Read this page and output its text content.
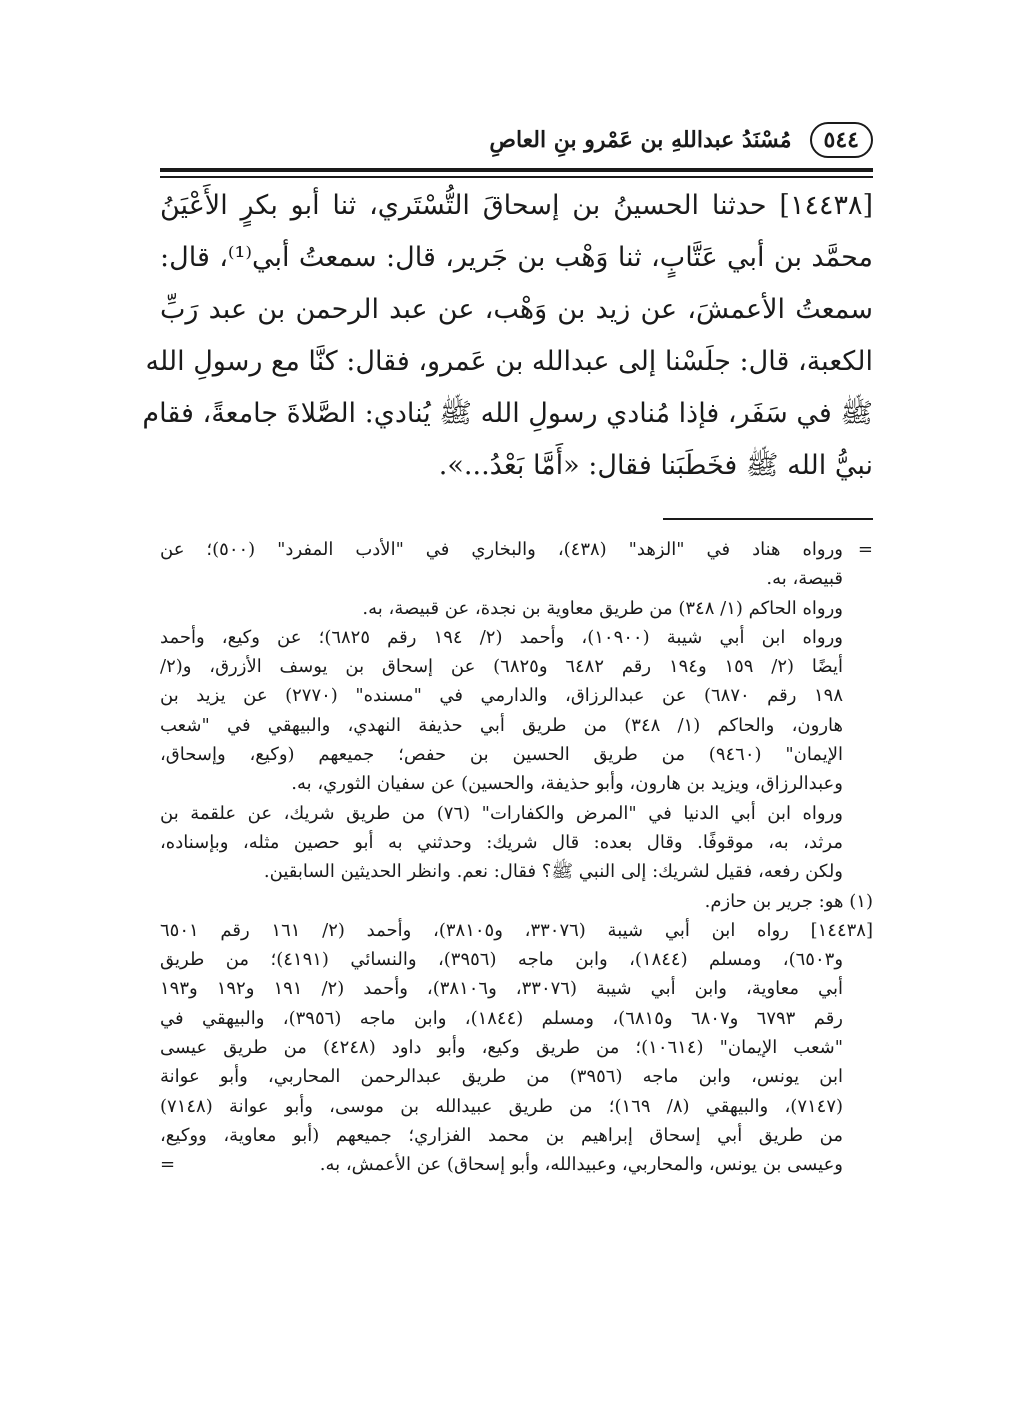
٥٤٤
مُسْنَدُ عبداللهِ بن عَمْرو بنِ العاصِ
[١٤٤٣٨] حدثنا الحسينُ بن إسحاقَ التُّسْتَري، ثنا أبو بكرٍ الأَعْيَنُ
محمَّد بن أبي عَتَّابٍ، ثنا وَهْب بن جَرير، قال: سمعتُ أبي⁽¹⁾، قال:
سمعتُ الأعمشَ، عن زيد بن وَهْب، عن عبد الرحمن بن عبد رَبِّ
الكعبة، قال: جلَسْنا إلى عبدالله بن عَمرو، فقال: كنَّا مع رسولِ الله
ﷺ في سَفَر، فإذا مُنادي رسولِ الله ﷺ يُنادي: الصَّلاةَ جامعةً، فقام
نبيُّ الله ﷺ فخَطَبَنا فقال: «أَمَّا بَعْدُ...».
=ورواه هناد في "الزهد" (٤٣٨)، والبخاري في "الأدب المفرد" (٥٠٠)؛ عن
قبيصة، به.
ورواه الحاكم (١/ ٣٤٨) من طريق معاوية بن نجدة، عن قبيصة، به.
ورواه ابن أبي شيبة (١٠٩٠٠)، وأحمد (٢/ ١٩٤ رقم ٦٨٢٥)؛ عن وكيع، وأحمد
أيضًا (٢/ ١٥٩ و١٩٤ رقم ٦٤٨٢ و٦٨٢٥) عن إسحاق بن يوسف الأزرق، و(٢/
١٩٨ رقم ٦٨٧٠) عن عبدالرزاق، والدارمي في "مسنده" (٢٧٧٠) عن يزيد بن
هارون، والحاكم (١/ ٣٤٨) من طريق أبي حذيفة النهدي، والبيهقي في "شعب
الإيمان" (٩٤٦٠) من طريق الحسين بن حفص؛ جميعهم (وكيع، وإسحاق،
وعبدالرزاق، ويزيد بن هارون، وأبو حذيفة، والحسين) عن سفيان الثوري، به.
ورواه ابن أبي الدنيا في "المرض والكفارات" (٧٦) من طريق شريك، عن علقمة بن
مرثد، به، موقوفًا. وقال بعده: قال شريك: وحدثني به أبو حصين مثله، وبإسناده،
ولكن رفعه، فقيل لشريك: إلى النبي ﷺ؟ فقال: نعم. وانظر الحديثين السابقين.
(١) هو: جرير بن حازم.
[١٤٤٣٨] رواه ابن أبي شيبة (٣٣٠٧٦، و٣٨١٠٥)، وأحمد (٢/ ١٦١ رقم ٦٥٠١
و٦٥٠٣)، ومسلم (١٨٤٤)، وابن ماجه (٣٩٥٦)، والنسائي (٤١٩١)؛ من طريق
أبي معاوية، وابن أبي شيبة (٣٣٠٧٦، و٣٨١٠٦)، وأحمد (٢/ ١٩١ و١٩٢ و١٩٣
رقم ٦٧٩٣ و٦٨٠٧ و٦٨١٥)، ومسلم (١٨٤٤)، وابن ماجه (٣٩٥٦)، والبيهقي في
"شعب الإيمان" (١٠٦١٤)؛ من طريق وكيع، وأبو داود (٤٢٤٨) من طريق عيسى
ابن يونس، وابن ماجه (٣٩٥٦) من طريق عبدالرحمن المحاربي، وأبو عوانة
(٧١٤٧)، والبيهقي (٨/ ١٦٩)؛ من طريق عبيدالله بن موسى، وأبو عوانة (٧١٤٨)
من طريق أبي إسحاق إبراهيم بن محمد الفزاري؛ جميعهم (أبو معاوية، ووكيع،
وعيسى بن يونس، والمحاربي، وعبيدالله، وأبو إسحاق) عن الأعمش، به.
=
